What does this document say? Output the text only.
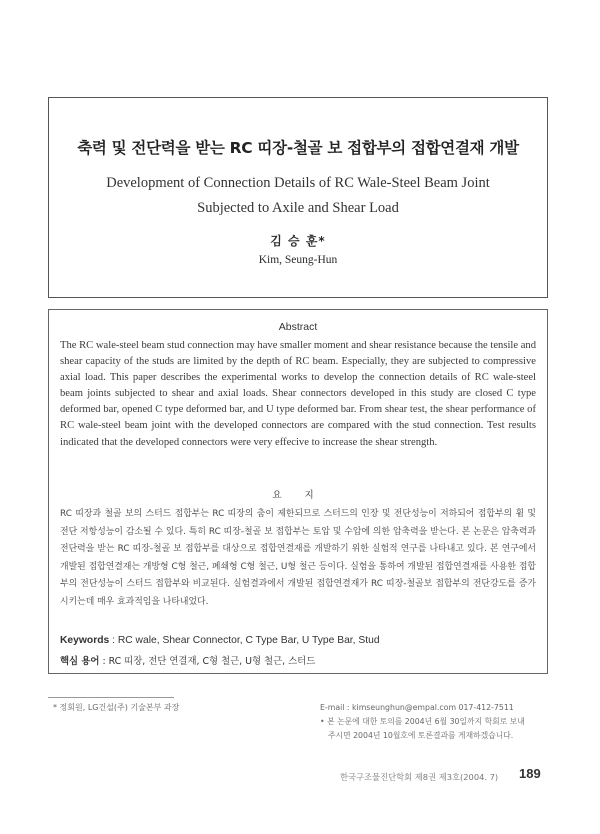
축력 및 전단력을 받는 RC 띠장-철골 보 접합부의 접합연결재 개발
Development of Connection Details of RC Wale-Steel Beam Joint
Subjected to Axile and Shear Load
김 승 훈*
Kim, Seung-Hun
Abstract
The RC wale-steel beam stud connection may have smaller moment and shear resistance because the tensile and shear capacity of the studs are limited by the depth of RC beam. Especially, they are subjected to compressive axial load. This paper describes the experimental works to develop the connection details of RC wale-steel beam joints subjected to shear and axial loads. Shear connectors developed in this study are closed C type deformed bar, opened C type deformed bar, and U type deformed bar. From shear test, the shear performance of RC wale-steel beam joint with the developed connectors are compared with the stud connection. Test results indicated that the developed connectors were very effecive to increase the shear strength.
요 지
RC 띠장과 철골 보의 스터드 접합부는 RC 띠장의 춤이 제한되므로 스터드의 인장 및 전단성능이 저하되어 접합부의 휨 및 전단 저항성능이 감소될 수 있다. 특히 RC 띠장-철골 보 접합부는 토압 및 수압에 의한 압축력을 받는다. 본 논문은 압축력과 전단력을 받는 RC 띠장-철골 보 접합부를 대상으로 접합연결재를 개발하기 위한 실험적 연구를 나타내고 있다. 본 연구에서 개발된 접합연결재는 개방형 C형 철근, 폐쇄형 C형 철근, U형 철근 등이다. 실험을 통하여 개발된 접합연결재를 사용한 접합부의 전단성능이 스터드 접합부와 비교된다. 실험결과에서 개발된 접합연결재가 RC 띠장-철골보 접합부의 전단강도를 증가시키는데 매우 효과적임을 나타내었다.
Keywords : RC wale, Shear Connector, C Type Bar, U Type Bar, Stud
핵심 용어 : RC 띠장, 전단 연결재, C형 철근, U형 철근, 스터드
* 정회원, LG건설(주) 기술본부 과장	E-mail : kimseunghun@empal.com 017-412-7511
• 본 논문에 대한 토의를 2004년 6월 30일까지 학회로 보내
주시면 2004년 10월호에 토론결과를 게재하겠습니다.
한국구조물진단학회 제8권 제3호(2004. 7) 189
